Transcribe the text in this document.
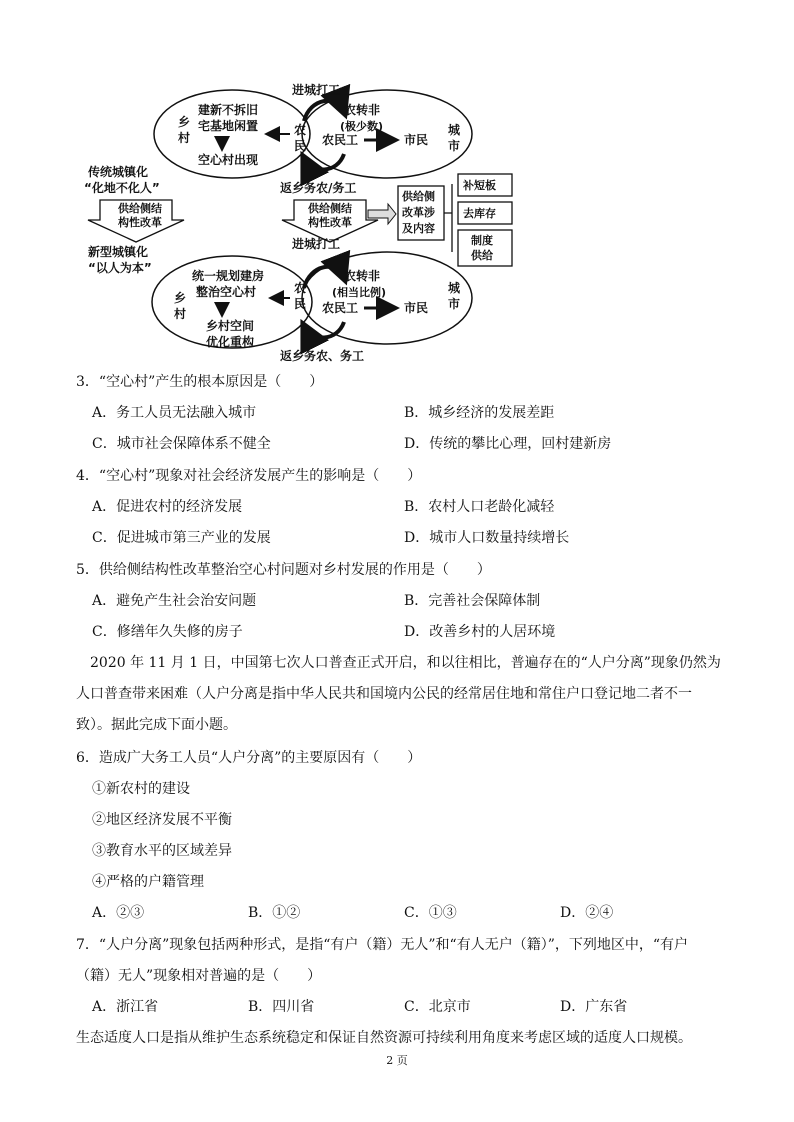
进城打工
乡村
建新不拆旧
宅基地闲置
空心村出现
农民
农转非
(极少数)
农民工	市民
城市
返乡务农/务工
传统城镇化
“化地不化人”
供给侧结
构性改革
新型城镇化
“以人为本”
供给侧结
构性改革
供给侧
改革涉
及内容
补短板
去库存
制度供给
进城打工
统一规划建房
整治空心村
乡村
乡村空间
优化重构
农民
农转非
(相当比例)
农民工	市民
城市
返乡务农、务工
3．“空心村”产生的根本原因是（　　）
A．务工人员无法融入城市	B．城乡经济的发展差距
C．城市社会保障体系不健全	D．传统的攀比心理，回村建新房
4．“空心村”现象对社会经济发展产生的影响是（　　）
A．促进农村的经济发展	B．农村人口老龄化减轻
C．促进城市第三产业的发展	D．城市人口数量持续增长
5．供给侧结构性改革整治空心村问题对乡村发展的作用是（　　）
A．避免产生社会治安问题	B．完善社会保障体制
C．修缮年久失修的房子	D．改善乡村的人居环境
2020 年 11 月 1 日，中国第七次人口普查正式开启，和以往相比，普遍存在的“人户分离”现象仍然为人口普查带来困难（人户分离是指中华人民共和国境内公民的经常居住地和常住户口登记地二者不一致）。据此完成下面小题。
6．造成广大务工人员“人户分离”的主要原因有（　　）
①新农村的建设
②地区经济发展不平衡
③教育水平的区域差异
④严格的户籍管理
A．②③	B．①②	C．①③	D．②④
7．“人户分离”现象包括两种形式，是指“有户（籍）无人”和“有人无户（籍）”，下列地区中，“有户
（籍）无人”现象相对普遍的是（　　）
A．浙江省	B．四川省	C．北京市	D．广东省
生态适度人口是指从维护生态系统稳定和保证自然资源可持续利用角度来考虑区域的适度人口规模。
2 页
